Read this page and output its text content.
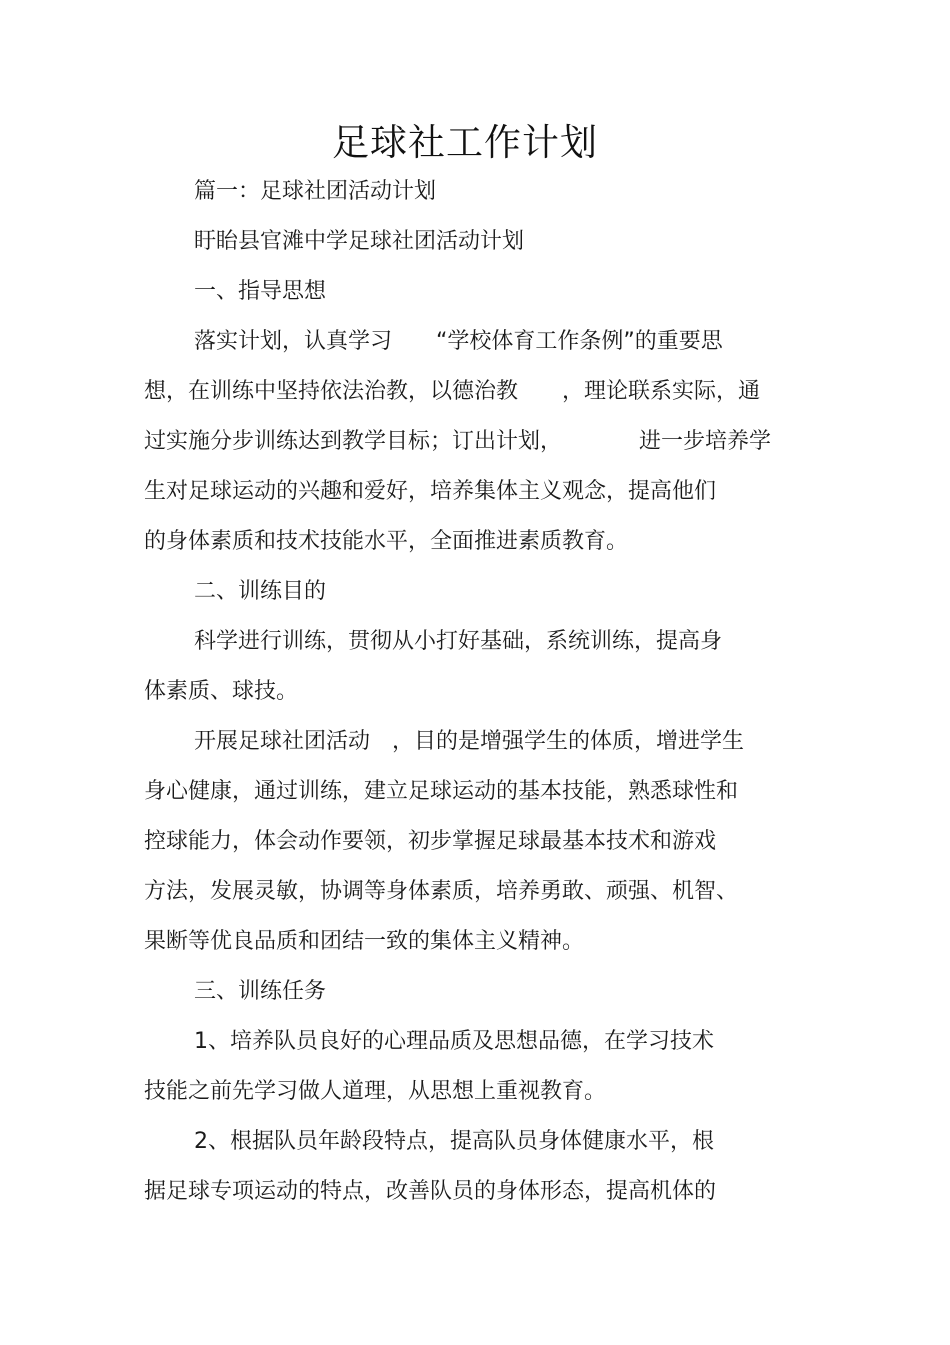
足球社工作计划
篇一：足球社团活动计划
盱眙县官滩中学足球社团活动计划
一、指导思想
落实计划，认真学习　　“学校体育工作条例”的重要思
想，在训练中坚持依法治教，以德治教　　，理论联系实际，通
过实施分步训练达到教学目标；订出计划，　　　　进一步培养学
生对足球运动的兴趣和爱好，培养集体主义观念，提高他们
的身体素质和技术技能水平，全面推进素质教育。
二、训练目的
科学进行训练，贯彻从小打好基础，系统训练，提高身
体素质、球技。
开展足球社团活动　，目的是增强学生的体质，增进学生
身心健康，通过训练，建立足球运动的基本技能，熟悉球性和
控球能力，体会动作要领，初步掌握足球最基本技术和游戏
方法，发展灵敏，协调等身体素质，培养勇敢、顽强、机智、
果断等优良品质和团结一致的集体主义精神。
三、训练任务
1、培养队员良好的心理品质及思想品德，在学习技术
技能之前先学习做人道理，从思想上重视教育。
2、根据队员年龄段特点，提高队员身体健康水平，根
据足球专项运动的特点，改善队员的身体形态，提高机体的
